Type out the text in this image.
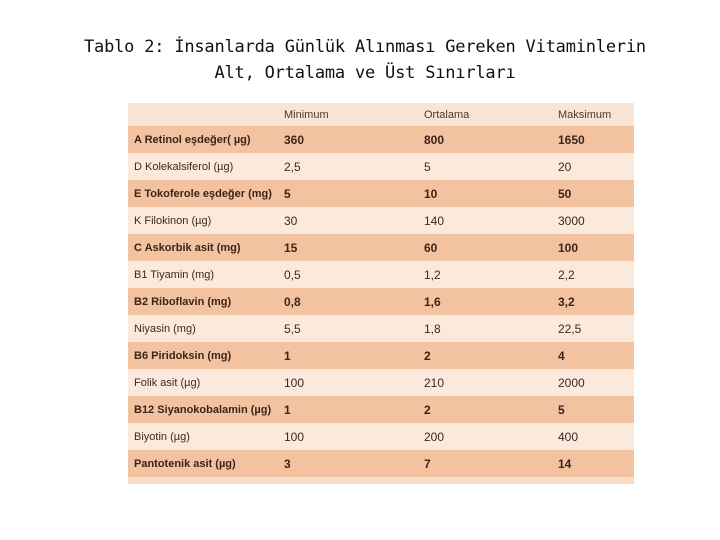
Tablo 2: İnsanlarda Günlük Alınması Gereken Vitaminlerin
Alt, Ortalama ve Üst Sınırları
Minimum	Ortalama	Maksimum
A Retinol eşdeğer( µg)	360	800	1650
D Kolekalsiferol (µg)	2,5	5	20
E Tokoferole eşdeğer (mg) 5	10	50
K Filokinon (µg)	30	140	3000
C Askorbik asit (mg)	15	60	100
B1 Tiyamin (mg)	0,5	1,2	2,2
B2 Riboflavin (mg)	0,8	1,6	3,2
Niyasin (mg)	5,5	1,8	22,5
B6 Piridoksin (mg)	1	2	4
Folik asit (µg)	100	210	2000
B12 Siyanokobalamin (µg) 1	2	5
Biyotin (µg)	100	200	400
Pantotenik asit (µg)	3	7	14
